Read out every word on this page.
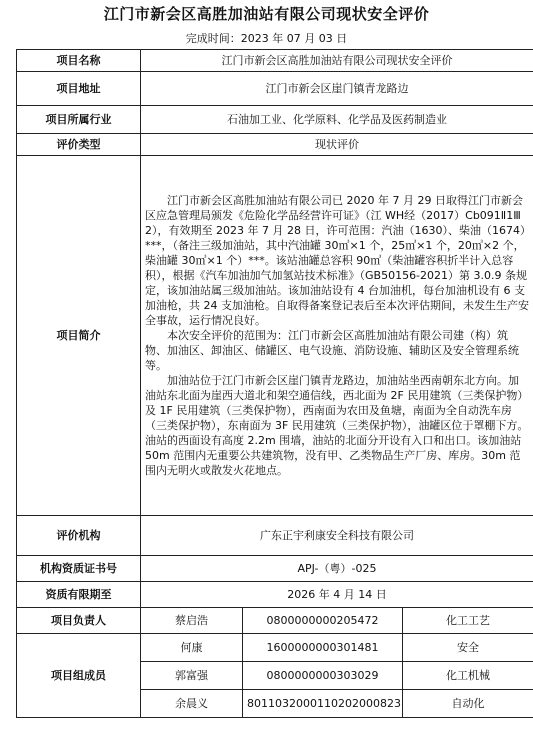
江门市新会区高胜加油站有限公司现状安全评价
完成时间：2023 年 07 月 03 日
项目名称	江门市新会区高胜加油站有限公司现状安全评价		
项目地址	江门市新会区崖门镇青龙路边		
项目所属行业	石油加工业、化学原料、化学品及医药制造业		
评价类型	现状评价		
项目简介	江门市新会区高胜加油站有限公司已 2020 年 7 月 29 日取得江门市新会区应急管理局颁发《危险化学品经营许可证》（江 WH经（2017）Cb091Ⅱ1Ⅲ2），有效期至 2023 年 7 月 28 日，许可范围：汽油（1630）、柴油（1674）***，（备注三级加油站，其中汽油罐 30㎥×1 个，25㎥×1 个，20㎥×2 个，柴油罐 30㎥×1 个）***。该站油罐总容积 90㎥（柴油罐容积折半计入总容积），根据《汽车加油加气加氢站技术标准》（GB50156-2021）第 3.0.9 条规定，该加油站属三级加油站。该加油站设有 4 台加油机，每台加油机设有 6 支加油枪，共 24 支加油枪。自取得备案登记表后至本次评估期间，未发生生产安全事故，运行情况良好。

本次安全评价的范围为：江门市新会区高胜加油站有限公司建（构）筑物、加油区、卸油区、储罐区、电气设施、消防设施、辅助区及安全管理系统等。

加油站位于江门市新会区崖门镇青龙路边，加油站坐西南朝东北方向。加油站东北面为崖西大道北和架空通信线，西北面为 2F 民用建筑（三类保护物）及 1F 民用建筑（三类保护物），西南面为农田及鱼塘，南面为全自动洗车房（三类保护物），东南面为 3F 民用建筑（三类保护物），油罐区位于罩棚下方。油站的西面设有高度 2.2m 围墙，油站的北面分开设有入口和出口。该加油站 50m 范围内无重要公共建筑物，没有甲、乙类物品生产厂房、库房。30m 范围内无明火或散发火花地点。		

评价机构	广东正宇利康安全科技有限公司		
机构资质证书号	APJ-（粤）-025		
资质有限期至	2026 年 4 月 14 日		
项目负责人	蔡启浩	0800000000205472	化工工艺
项目组成员	何康	1600000000301481	安全
	郭富强	0800000000303029	化工机械
	余晨义	8011032000110202000823	自动化
